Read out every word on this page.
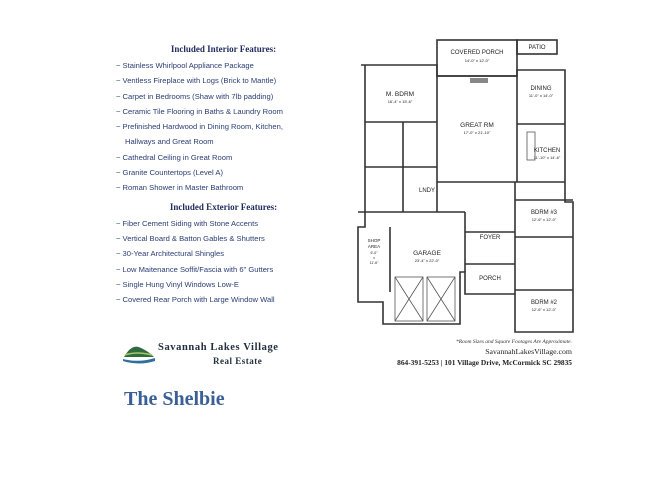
Included Interior Features:
~ Stainless Whirlpool Appliance Package
~ Ventless Fireplace with Logs (Brick to Mantle)
~ Carpet in Bedrooms (Shaw with 7lb padding)
~ Ceramic Tile Flooring in Baths & Laundry Room
~ Prefinished Hardwood in Dining Room, Kitchen,
Hallways and Great Room
~ Cathedral Ceiling in Great Room
~ Granite Countertops (Level A)
~ Roman Shower in Master Bathroom
Included Exterior Features:
~ Fiber Cement Siding with Stone Accents
~ Vertical Board & Batton Gables & Shutters
~ 30-Year Architectural Shingles
~ Low Maitenance Soffit/Fascia with 6" Gutters
~ Single Hung Vinyl Windows Low-E
~ Covered Rear Porch with Large Window Wall
Savannah Lakes Village
Real Estate
The Shelbie
COVERED PORCH
14'-0" x 12'-0"
PATIO
M. BDRM
16'-4" x 15'-6"
DINING
11'-0" x 14'-0"
GREAT RM
17'-0" x 21'-10"
KITCHEN
11'-10" x 14'-6"
LNDY
BDRM #3
12'-6" x 12'-0"
FOYER
GARAGE
23'-4" x 22'-0"
SHOP
AREA
6'-0"
x
11'-6"
PORCH
BDRM #2
12'-6" x 12'-0"
*Room Sizes and Square Footages Are Approximate.
SavannahLakesVillage.com
864-391-5253 | 101 Village Drive, McCormick SC 29835
